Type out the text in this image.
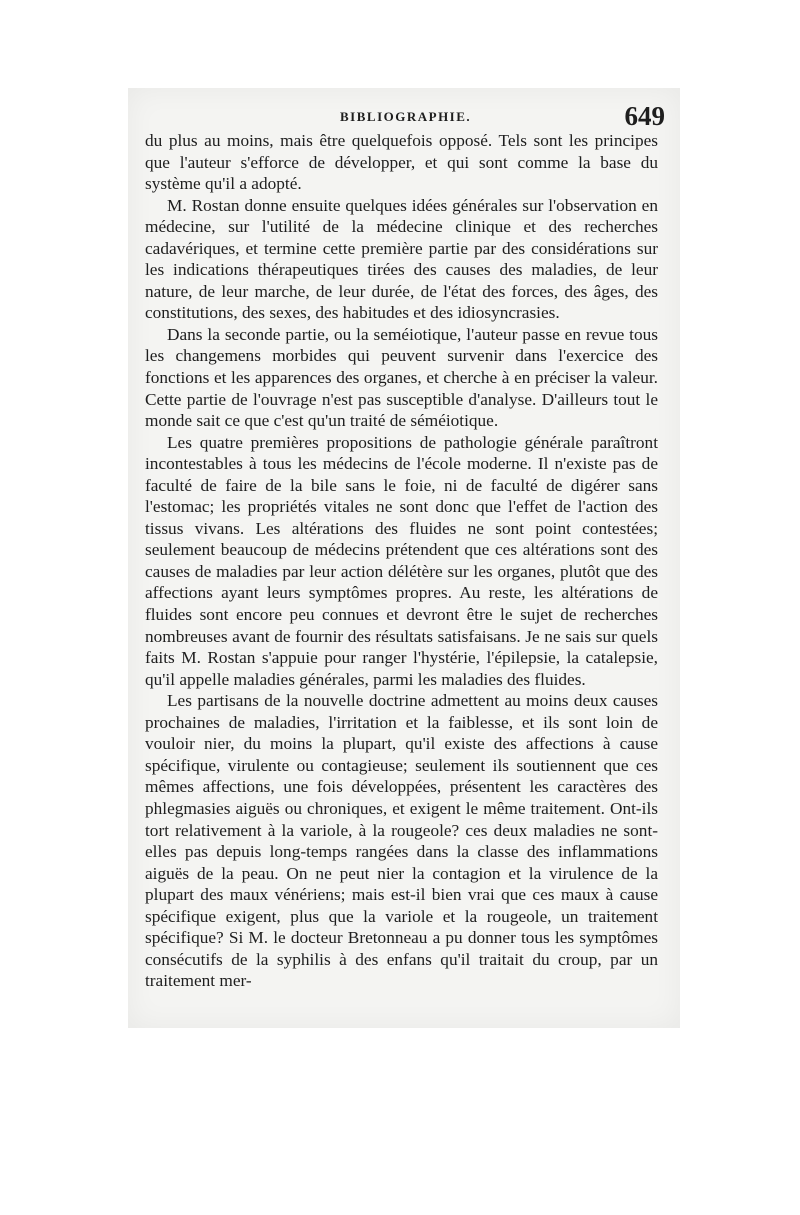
BIBLIOGRAPHIE.	649

du plus au moins, mais être quelquefois opposé. Tels sont les principes que l'auteur s'efforce de développer, et qui sont comme la base du système qu'il a adopté.

M. Rostan donne ensuite quelques idées générales sur l'observation en médecine, sur l'utilité de la médecine clinique et des recherches cadavériques, et termine cette première partie par des considérations sur les indications thérapeutiques tirées des causes des maladies, de leur nature, de leur marche, de leur durée, de l'état des forces, des âges, des constitutions, des sexes, des habitudes et des idiosyncrasies.

Dans la seconde partie, ou la seméiotique, l'auteur passe en revue tous les changemens morbides qui peuvent survenir dans l'exercice des fonctions et les apparences des organes, et cherche à en préciser la valeur. Cette partie de l'ouvrage n'est pas susceptible d'analyse. D'ailleurs tout le monde sait ce que c'est qu'un traité de séméiotique.

Les quatre premières propositions de pathologie générale paraîtront incontestables à tous les médecins de l'école moderne. Il n'existe pas de faculté de faire de la bile sans le foie, ni de faculté de digérer sans l'estomac; les propriétés vitales ne sont donc que l'effet de l'action des tissus vivans. Les altérations des fluides ne sont point contestées; seulement beaucoup de médecins prétendent que ces altérations sont des causes de maladies par leur action délétère sur les organes, plutôt que des affections ayant leurs symptômes propres. Au reste, les altérations de fluides sont encore peu connues et devront être le sujet de recherches nombreuses avant de fournir des résultats satisfaisans. Je ne sais sur quels faits M. Rostan s'appuie pour ranger l'hystérie, l'épilepsie, la catalepsie, qu'il appelle maladies générales, parmi les maladies des fluides.

Les partisans de la nouvelle doctrine admettent au moins deux causes prochaines de maladies, l'irritation et la faiblesse, et ils sont loin de vouloir nier, du moins la plupart, qu'il existe des affections à cause spécifique, virulente ou contagieuse; seulement ils soutiennent que ces mêmes affections, une fois développées, présentent les caractères des phlegmasies aiguës ou chroniques, et exigent le même traitement. Ont-ils tort relativement à la variole, à la rougeole? ces deux maladies ne sont-elles pas depuis long-temps rangées dans la classe des inflammations aiguës de la peau. On ne peut nier la contagion et la virulence de la plupart des maux vénériens; mais est-il bien vrai que ces maux à cause spécifique exigent, plus que la variole et la rougeole, un traitement spécifique? Si M. le docteur Bretonneau a pu donner tous les symptômes consécutifs de la syphilis à des enfans qu'il traitait du croup, par un traitement mer-
